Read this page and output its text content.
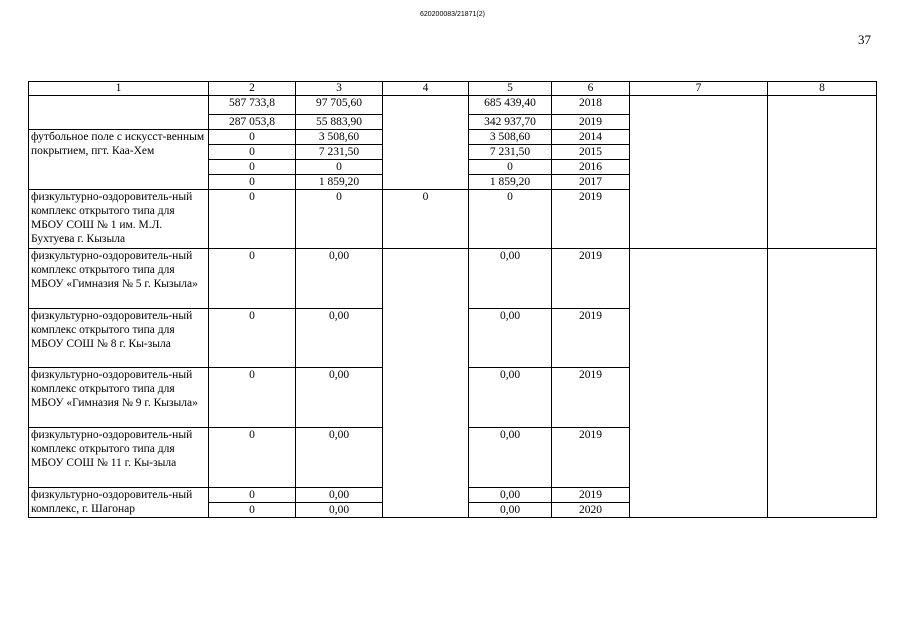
620200083/21871(2)
37
1	2	3	4	5	6	7	8	
	587 733,8	97 705,60		685 439,40	2018			
	287 053,8	55 883,90		342 937,70	2019			
футбольное поле с искусст-венным покрытием, пгт. Каа-Хем	0	3 508,60		3 508,60	2014			
	0	7 231,50		7 231,50	2015			
	0	0		0	2016			
	0	1 859,20		1 859,20	2017			
физкультурно-оздоровитель-ный комплекс открытого типа для МБОУ СОШ № 1 им. М.Л. Бухтуева г. Кызыла	0	0	0	0	2019			
физкультурно-оздоровитель-ный комплекс открытого типа для МБОУ «Гимназия № 5 г. Кызыла»	0	0,00		0,00	2019			
физкультурно-оздоровитель-ный комплекс открытого типа для МБОУ СОШ № 8 г. Кы-зыла	0	0,00		0,00	2019			
физкультурно-оздоровитель-ный комплекс открытого типа для МБОУ «Гимназия № 9 г. Кызыла»	0	0,00		0,00	2019			
физкультурно-оздоровитель-ный комплекс открытого типа для МБОУ СОШ № 11 г. Кы-зыла	0	0,00		0,00	2019			
физкультурно-оздоровитель-ный комплекс, г. Шагонар	0	0,00		0,00	2019			
	0	0,00		0,00	2020			
